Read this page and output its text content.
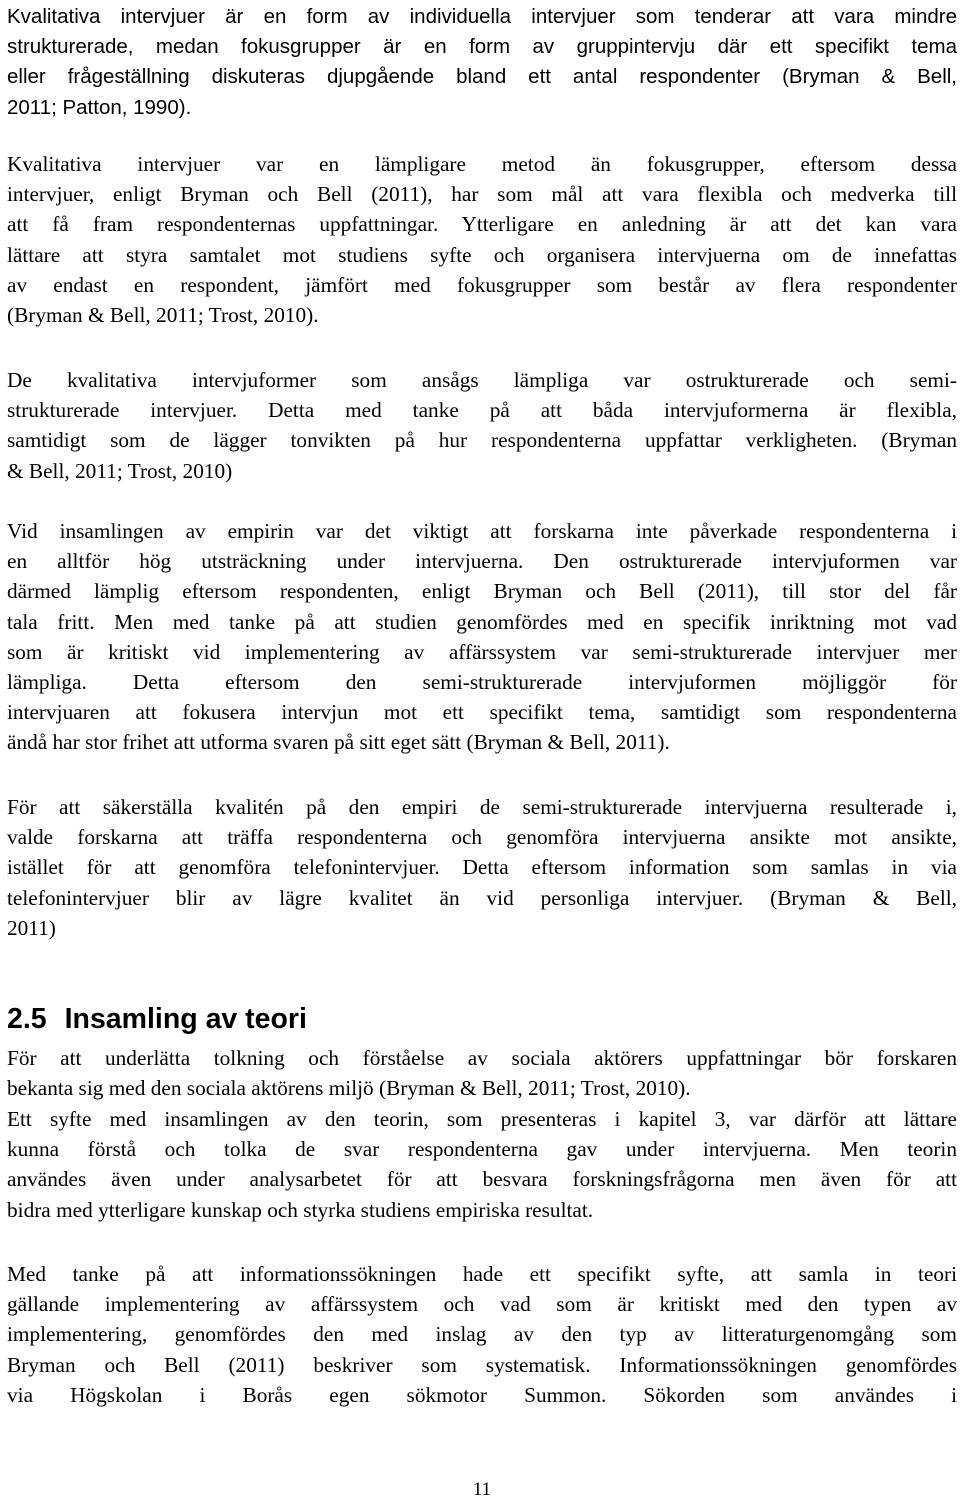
Kvalitativa intervjuer är en form av individuella intervjuer som tenderar att vara mindre
strukturerade, medan fokusgrupper är en form av gruppintervju där ett specifikt tema
eller frågeställning diskuteras djupgående bland ett antal respondenter (Bryman & Bell,
2011; Patton, 1990).
Kvalitativa intervjuer var en lämpligare metod än fokusgrupper, eftersom dessa
intervjuer, enligt Bryman och Bell (2011), har som mål att vara flexibla och medverka till
att få fram respondenternas uppfattningar. Ytterligare en anledning är att det kan vara
lättare att styra samtalet mot studiens syfte och organisera intervjuerna om de innefattas
av endast en respondent, jämfört med fokusgrupper som består av flera respondenter
(Bryman & Bell, 2011; Trost, 2010).
De kvalitativa intervjuformer som ansågs lämpliga var ostrukturerade och semi-
strukturerade intervjuer. Detta med tanke på att båda intervjuformerna är flexibla,
samtidigt som de lägger tonvikten på hur respondenterna uppfattar verkligheten. (Bryman
& Bell, 2011; Trost, 2010)
Vid insamlingen av empirin var det viktigt att forskarna inte påverkade respondenterna i
en alltför hög utsträckning under intervjuerna. Den ostrukturerade intervjuformen var
därmed lämplig eftersom respondenten, enligt Bryman och Bell (2011), till stor del får
tala fritt. Men med tanke på att studien genomfördes med en specifik inriktning mot vad
som är kritiskt vid implementering av affärssystem var semi-strukturerade intervjuer mer
lämpliga. Detta eftersom den semi-strukturerade intervjuformen möjliggör för
intervjuaren att fokusera intervjun mot ett specifikt tema, samtidigt som respondenterna
ändå har stor frihet att utforma svaren på sitt eget sätt (Bryman & Bell, 2011).
För att säkerställa kvalitén på den empiri de semi-strukturerade intervjuerna resulterade i,
valde forskarna att träffa respondenterna och genomföra intervjuerna ansikte mot ansikte,
istället för att genomföra telefonintervjuer. Detta eftersom information som samlas in via
telefonintervjuer blir av lägre kvalitet än vid personliga intervjuer. (Bryman & Bell,
2011)
2.5 Insamling av teori
För att underlätta tolkning och förståelse av sociala aktörers uppfattningar bör forskaren
bekanta sig med den sociala aktörens miljö (Bryman & Bell, 2011; Trost, 2010).
Ett syfte med insamlingen av den teorin, som presenteras i kapitel 3, var därför att lättare
kunna förstå och tolka de svar respondenterna gav under intervjuerna. Men teorin
användes även under analysarbetet för att besvara forskningsfrågorna men även för att
bidra med ytterligare kunskap och styrka studiens empiriska resultat.
Med tanke på att informationssökningen hade ett specifikt syfte, att samla in teori
gällande implementering av affärssystem och vad som är kritiskt med den typen av
implementering, genomfördes den med inslag av den typ av litteraturgenomgång som
Bryman och Bell (2011) beskriver som systematisk. Informationssökningen genomfördes
via Högskolan i Borås egen sökmotor Summon. Sökorden som användes i
11
